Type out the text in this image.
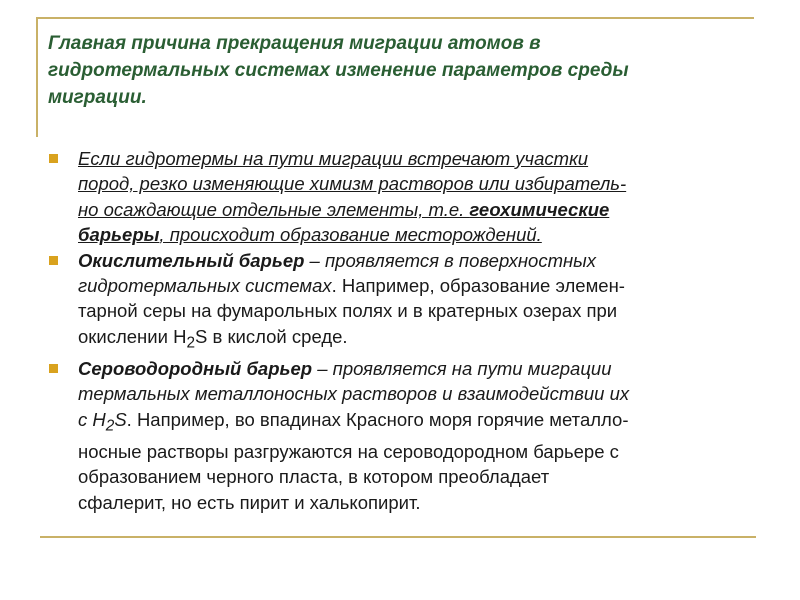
Главная причина прекращения миграции атомов в
гидротермальных системах изменение параметров среды
миграции.
Если гидротермы на пути миграции встречают участки
пород, резко изменяющие химизм растворов или избиратель-
но осаждающие отдельные элементы, т.е. геохимические
барьеры, происходит образование месторождений.
Окислительный барьер – проявляется в поверхностных
гидротермальных системах. Например, образование элемен-
тарной серы на фумарольных полях и в кратерных озерах при
окислении $H_2S$ в кислой среде.
Сероводородный барьер – проявляется на пути миграции
термальных металлоносных растворов и взаимодействии их
с $H_2S$. Например, во впадинах Красного моря горячие металло-
носные растворы разгружаются на сероводородном барьере с
образованием черного пласта, в котором преобладает
сфалерит, но есть пирит и халькопирит.
